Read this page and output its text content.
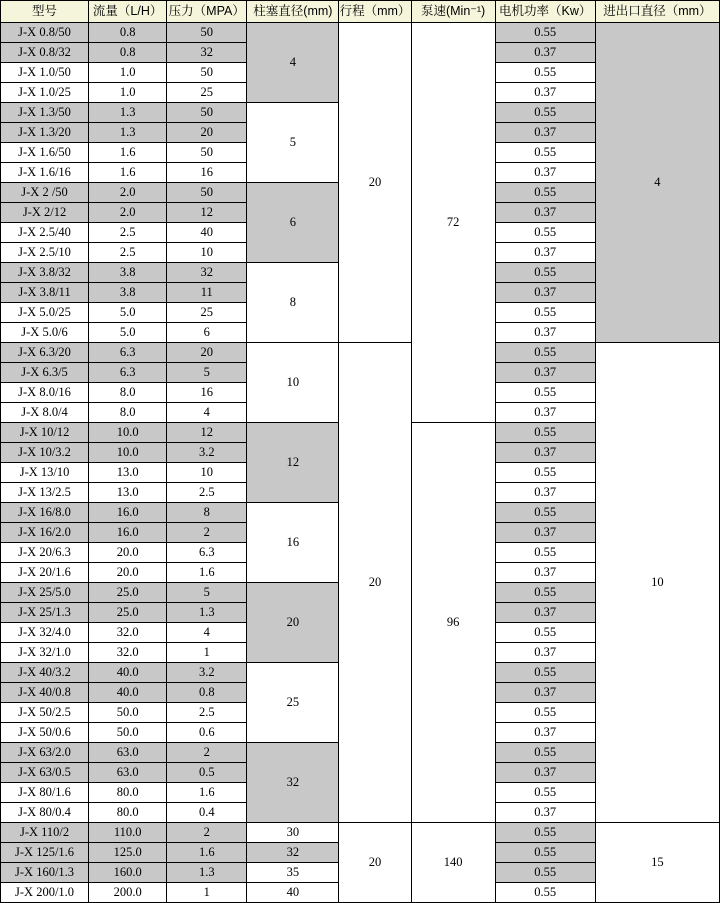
型号	流量（L/H）	压力（MPA）	柱塞直径(mm)	行程（mm）	泵速(Min⁻¹)	电机功率（Kw）	进出口直径（mm）
J-X 0.8/50	0.8	50	4	20	72	0.55	4
J-X 0.8/32	0.8	32				0.37	
J-X 1.0/50	1.0	50				0.55	
J-X 1.0/25	1.0	25				0.37	
J-X 1.3/50	1.3	50	5			0.55	
J-X 1.3/20	1.3	20				0.37	
J-X 1.6/50	1.6	50				0.55	
J-X 1.6/16	1.6	16				0.37	
J-X 2 /50	2.0	50	6			0.55	
J-X 2/12	2.0	12				0.37	
J-X 2.5/40	2.5	40				0.55	
J-X 2.5/10	2.5	10				0.37	
J-X 3.8/32	3.8	32	8			0.55	
J-X 3.8/11	3.8	11				0.37	
J-X 5.0/25	5.0	25				0.55	
J-X 5.0/6	5.0	6				0.37	
J-X 6.3/20	6.3	20	10	20		0.55	10
J-X 6.3/5	6.3	5				0.37	
J-X 8.0/16	8.0	16				0.55	
J-X 8.0/4	8.0	4				0.37	
J-X 10/12	10.0	12	12		96	0.55	
J-X 10/3.2	10.0	3.2				0.37	
J-X 13/10	13.0	10				0.55	
J-X 13/2.5	13.0	2.5				0.37	
J-X 16/8.0	16.0	8	16			0.55	
J-X 16/2.0	16.0	2				0.37	
J-X 20/6.3	20.0	6.3				0.55	
J-X 20/1.6	20.0	1.6				0.37	
J-X 25/5.0	25.0	5	20			0.55	
J-X 25/1.3	25.0	1.3				0.37	
J-X 32/4.0	32.0	4				0.55	
J-X 32/1.0	32.0	1				0.37	
J-X 40/3.2	40.0	3.2	25			0.55	
J-X 40/0.8	40.0	0.8				0.37	
J-X 50/2.5	50.0	2.5				0.55	
J-X 50/0.6	50.0	0.6				0.37	
J-X 63/2.0	63.0	2	32			0.55	
J-X 63/0.5	63.0	0.5				0.37	
J-X 80/1.6	80.0	1.6				0.55	
J-X 80/0.4	80.0	0.4				0.37	
J-X 110/2	110.0	2	30	20	140	0.55	15
J-X 125/1.6	125.0	1.6	32			0.55	
J-X 160/1.3	160.0	1.3	35			0.55	
J-X 200/1.0	200.0	1	40			0.55	
